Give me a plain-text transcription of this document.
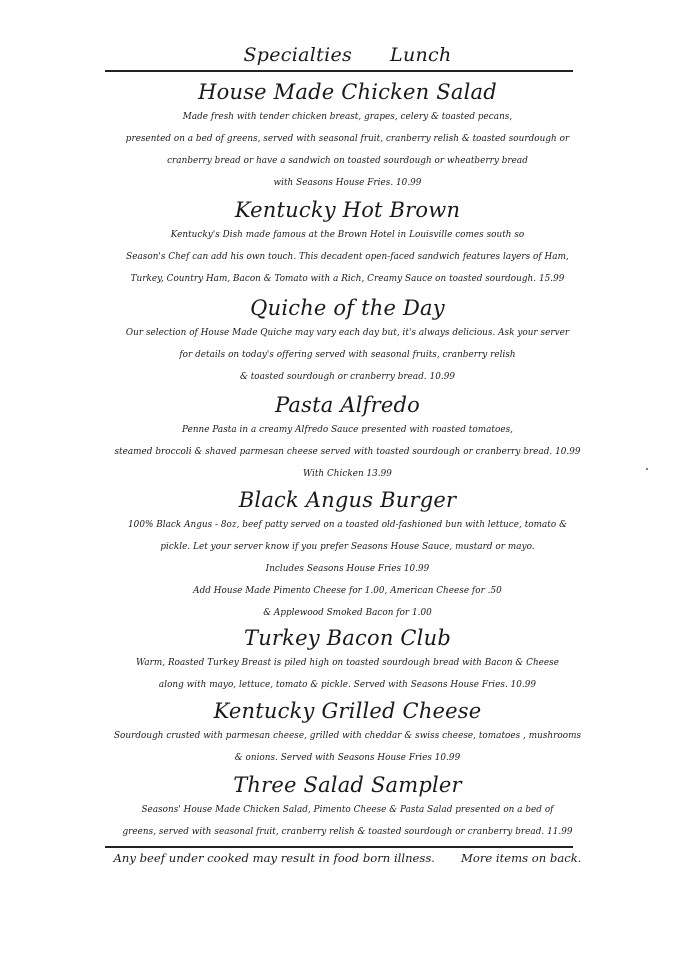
Specialties Lunch
House Made Chicken Salad
Made fresh with tender chicken breast, grapes, celery & toasted pecans,
presented on a bed of greens, served with seasonal fruit, cranberry relish & toasted sourdough or
cranberry bread or have a sandwich on toasted sourdough or wheatberry bread
with Seasons House Fries. 10.99
Kentucky Hot Brown
Kentucky's Dish made famous at the Brown Hotel in Louisville comes south so
Season's Chef can add his own touch. This decadent open-faced sandwich features layers of Ham,
Turkey, Country Ham, Bacon & Tomato with a Rich, Creamy Sauce on toasted sourdough. 15.99
Quiche of the Day
Our selection of House Made Quiche may vary each day but, it's always delicious. Ask your server
for details on today's offering served with seasonal fruits, cranberry relish
& toasted sourdough or cranberry bread. 10.99
Pasta Alfredo
Penne Pasta in a creamy Alfredo Sauce presented with roasted tomatoes,
steamed broccoli & shaved parmesan cheese served with toasted sourdough or cranberry bread. 10.99
With Chicken 13.99
Black Angus Burger
100% Black Angus - 8oz, beef patty served on a toasted old-fashioned bun with lettuce, tomato &
pickle. Let your server know if you prefer Seasons House Sauce, mustard or mayo.
Includes Seasons House Fries 10.99
Add House Made Pimento Cheese for 1.00, American Cheese for .50
& Applewood Smoked Bacon for 1.00
Turkey Bacon Club
Warm, Roasted Turkey Breast is piled high on toasted sourdough bread with Bacon & Cheese
along with mayo, lettuce, tomato & pickle. Served with Seasons House Fries. 10.99
Kentucky Grilled Cheese
Sourdough crusted with parmesan cheese, grilled with cheddar & swiss cheese, tomatoes , mushrooms
& onions. Served with Seasons House Fries 10.99
Three Salad Sampler
Seasons' House Made Chicken Salad, Pimento Cheese & Pasta Salad presented on a bed of
greens, served with seasonal fruit, cranberry relish & toasted sourdough or cranberry bread. 11.99
Any beef under cooked may result in food born illness. More items on back.
